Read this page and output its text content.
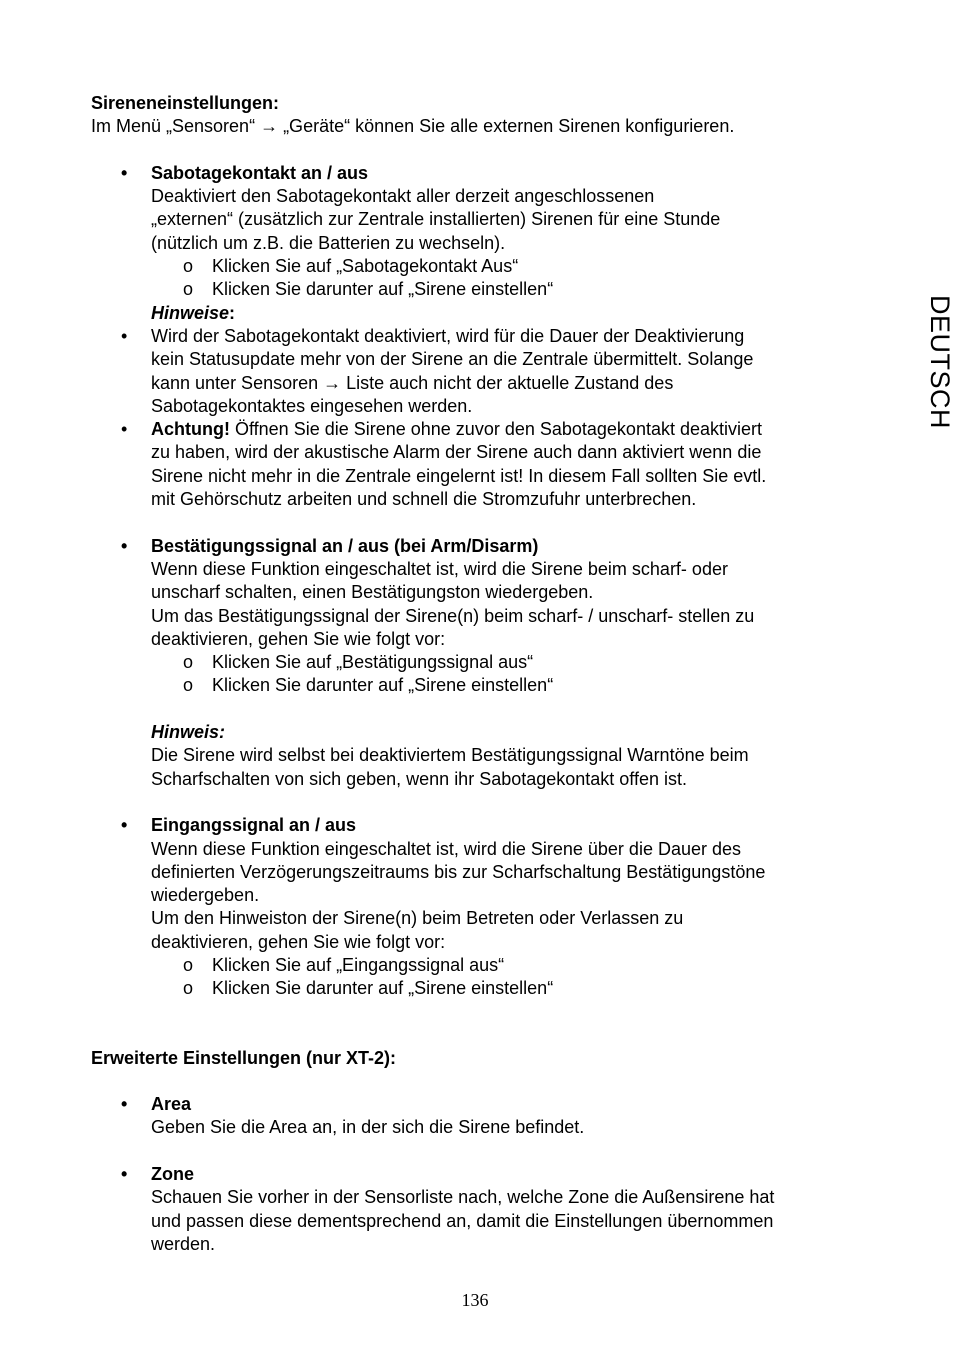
Sireneneinstellungen:
Im Menü „Sensoren“ → „Geräte“ können Sie alle externen Sirenen konfigurieren.
• Sabotagekontakt an / aus
Deaktiviert den Sabotagekontakt aller derzeit angeschlossenen
„externen“ (zusätzlich zur Zentrale installierten) Sirenen für eine Stunde
(nützlich um z.B. die Batterien zu wechseln).
o Klicken Sie auf „Sabotagekontakt Aus“
o Klicken Sie darunter auf „Sirene einstellen“
Hinweise:
• Wird der Sabotagekontakt deaktiviert, wird für die Dauer der Deaktivierung
kein Statusupdate mehr von der Sirene an die Zentrale übermittelt. Solange
kann unter Sensoren → Liste auch nicht der aktuelle Zustand des
Sabotagekontaktes eingesehen werden.
• Achtung! Öffnen Sie die Sirene ohne zuvor den Sabotagekontakt deaktiviert
zu haben, wird der akustische Alarm der Sirene auch dann aktiviert wenn die
Sirene nicht mehr in die Zentrale eingelernt ist! In diesem Fall sollten Sie evtl.
mit Gehörschutz arbeiten und schnell die Stromzufuhr unterbrechen.
• Bestätigungssignal an / aus (bei Arm/Disarm)
Wenn diese Funktion eingeschaltet ist, wird die Sirene beim scharf- oder
unscharf schalten, einen Bestätigungston wiedergeben.
Um das Bestätigungssignal der Sirene(n) beim scharf- / unscharf- stellen zu
deaktivieren, gehen Sie wie folgt vor:
o Klicken Sie auf „Bestätigungssignal aus“
o Klicken Sie darunter auf „Sirene einstellen“
Hinweis:
Die Sirene wird selbst bei deaktiviertem Bestätigungssignal Warntöne beim
Scharfschalten von sich geben, wenn ihr Sabotagekontakt offen ist.
• Eingangssignal an / aus
Wenn diese Funktion eingeschaltet ist, wird die Sirene über die Dauer des
definierten Verzögerungszeitraums bis zur Scharfschaltung Bestätigungstöne
wiedergeben.
Um den Hinweiston der Sirene(n) beim Betreten oder Verlassen zu
deaktivieren, gehen Sie wie folgt vor:
o Klicken Sie auf „Eingangssignal aus“
o Klicken Sie darunter auf „Sirene einstellen“
Erweiterte Einstellungen (nur XT-2):
• Area
Geben Sie die Area an, in der sich die Sirene befindet.
• Zone
Schauen Sie vorher in der Sensorliste nach, welche Zone die Außensirene hat
und passen diese dementsprechend an, damit die Einstellungen übernommen
werden.
DEUTSCH
136
